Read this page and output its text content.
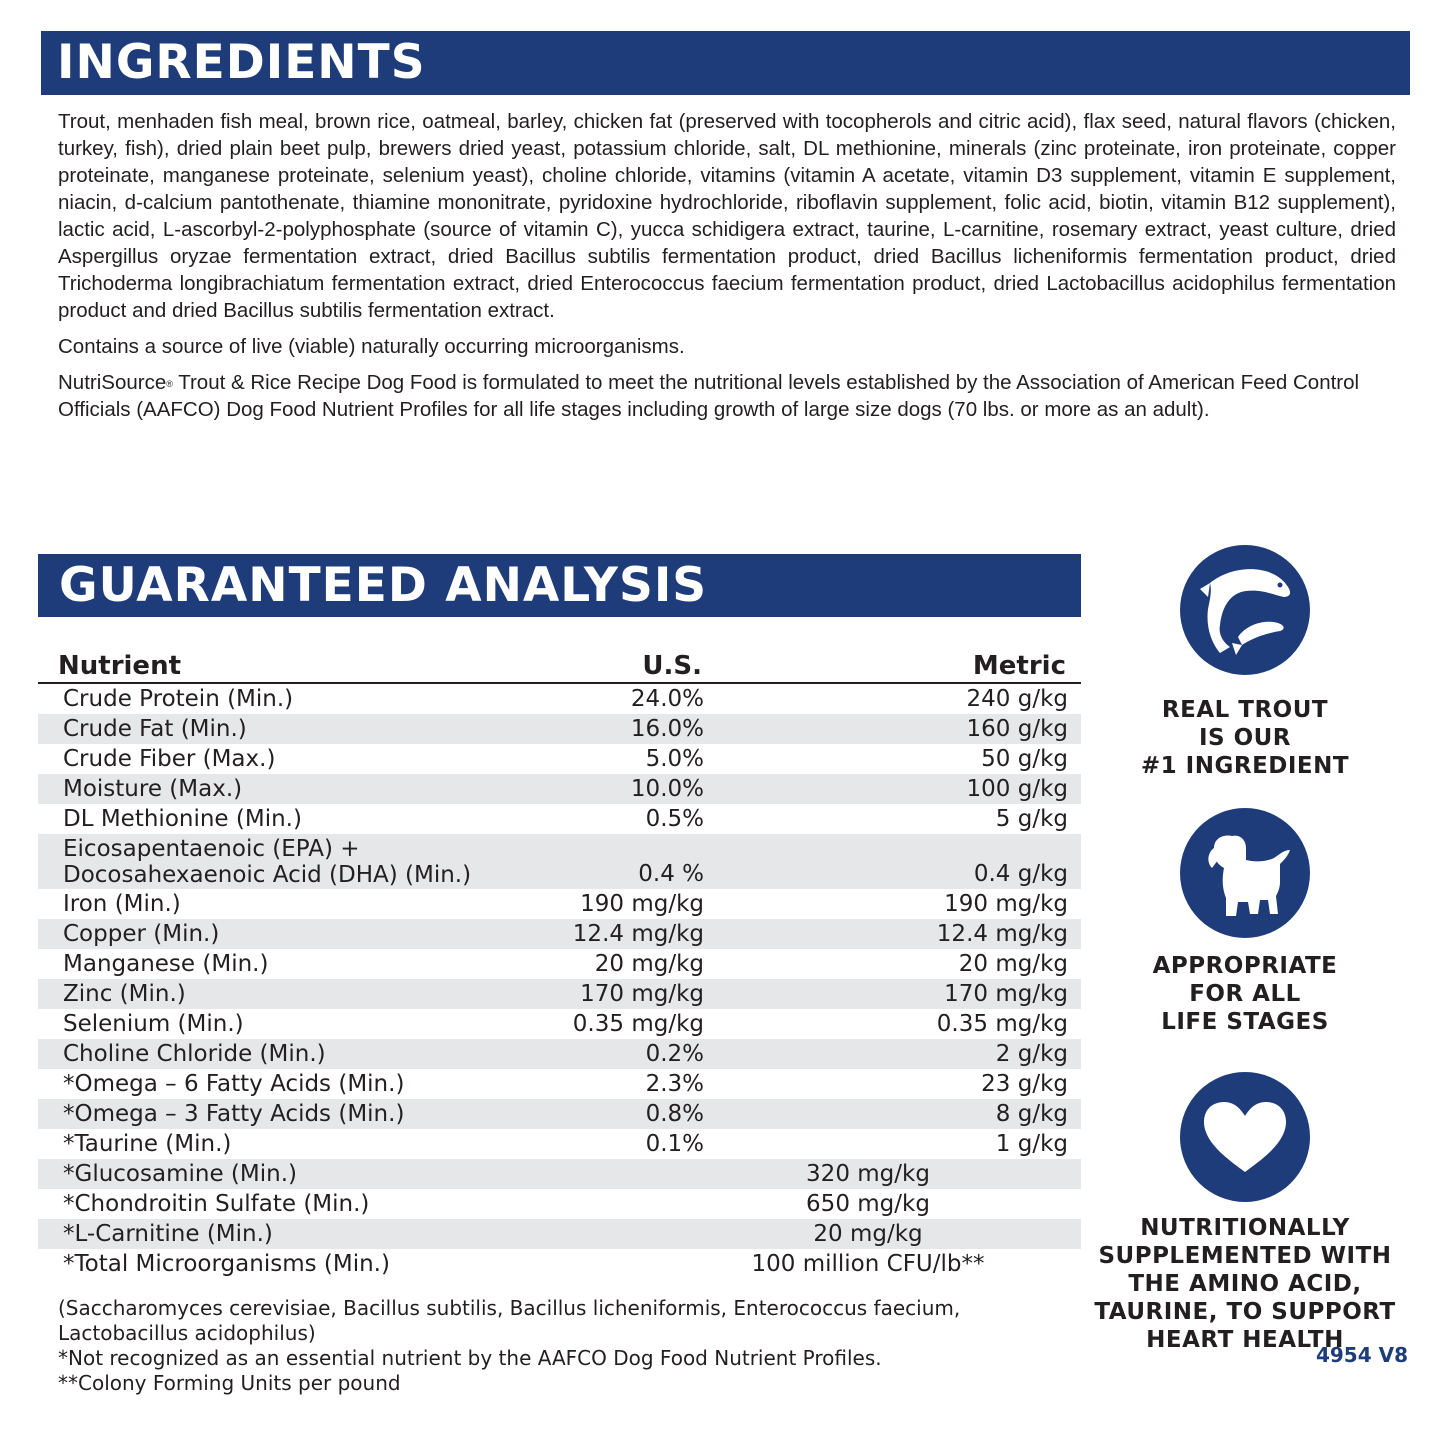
INGREDIENTS

Trout, menhaden fish meal, brown rice, oatmeal, barley, chicken fat (preserved with tocopherols and citric acid), flax seed, natural flavors (chicken, turkey, fish), dried plain beet pulp, brewers dried yeast, potassium chloride, salt, DL methionine, minerals (zinc proteinate, iron proteinate, copper proteinate, manganese proteinate, selenium yeast), choline chloride, vitamins (vitamin A acetate, vitamin D3 supplement, vitamin E supplement, niacin, d-calcium pantothenate, thiamine mononitrate, pyridoxine hydrochloride, riboflavin supplement, folic acid, biotin, vitamin B12 supplement), lactic acid, L-ascorbyl-2-polyphosphate (source of vitamin C), yucca schidigera extract, taurine, L-carnitine, rosemary extract, yeast culture, dried Aspergillus oryzae fermentation extract, dried Bacillus subtilis fermentation product, dried Bacillus licheniformis fermentation product, dried Trichoderma longibrachiatum fermentation extract, dried Enterococcus faecium fermentation product, dried Lactobacillus acidophilus fermentation product and dried Bacillus subtilis fermentation extract.

Contains a source of live (viable) naturally occurring microorganisms.

NutriSource® Trout & Rice Recipe Dog Food is formulated to meet the nutritional levels established by the Association of American Feed Control Officials (AAFCO) Dog Food Nutrient Profiles for all life stages including growth of large size dogs (70 lbs. or more as an adult).

GUARANTEED ANALYSIS
Nutrient	U.S.	Metric
Crude Protein (Min.)	24.0%	240 g/kg
Crude Fat (Min.)	16.0%	160 g/kg
Crude Fiber (Max.)	5.0%	50 g/kg
Moisture (Max.)	10.0%	100 g/kg
DL Methionine (Min.)	0.5%	5 g/kg
Eicosapentaenoic (EPA) +
Docosahexaenoic Acid (DHA) (Min.)	0.4 %	0.4 g/kg
Iron (Min.)	190 mg/kg	190 mg/kg
Copper (Min.)	12.4 mg/kg	12.4 mg/kg
Manganese (Min.)	20 mg/kg	20 mg/kg
Zinc (Min.)	170 mg/kg	170 mg/kg
Selenium (Min.)	0.35 mg/kg	0.35 mg/kg
Choline Chloride (Min.)	0.2%	2 g/kg
*Omega – 6 Fatty Acids (Min.)	2.3%	23 g/kg
*Omega – 3 Fatty Acids (Min.)	0.8%	8 g/kg
*Taurine (Min.)	0.1%	1 g/kg
*Glucosamine (Min.)	320 mg/kg
*Chondroitin Sulfate (Min.)	650 mg/kg
*L-Carnitine (Min.)	20 mg/kg
*Total Microorganisms (Min.)	100 million CFU/lb**
(Saccharomyces cerevisiae, Bacillus subtilis, Bacillus licheniformis, Enterococcus faecium,
Lactobacillus acidophilus)
*Not recognized as an essential nutrient by the AAFCO Dog Food Nutrient Profiles.
**Colony Forming Units per pound
REAL TROUT
IS OUR
#1 INGREDIENT
APPROPRIATE
FOR ALL
LIFE STAGES
NUTRITIONALLY
SUPPLEMENTED WITH
THE AMINO ACID,
TAURINE, TO SUPPORT
HEART HEALTH
4954 V8
